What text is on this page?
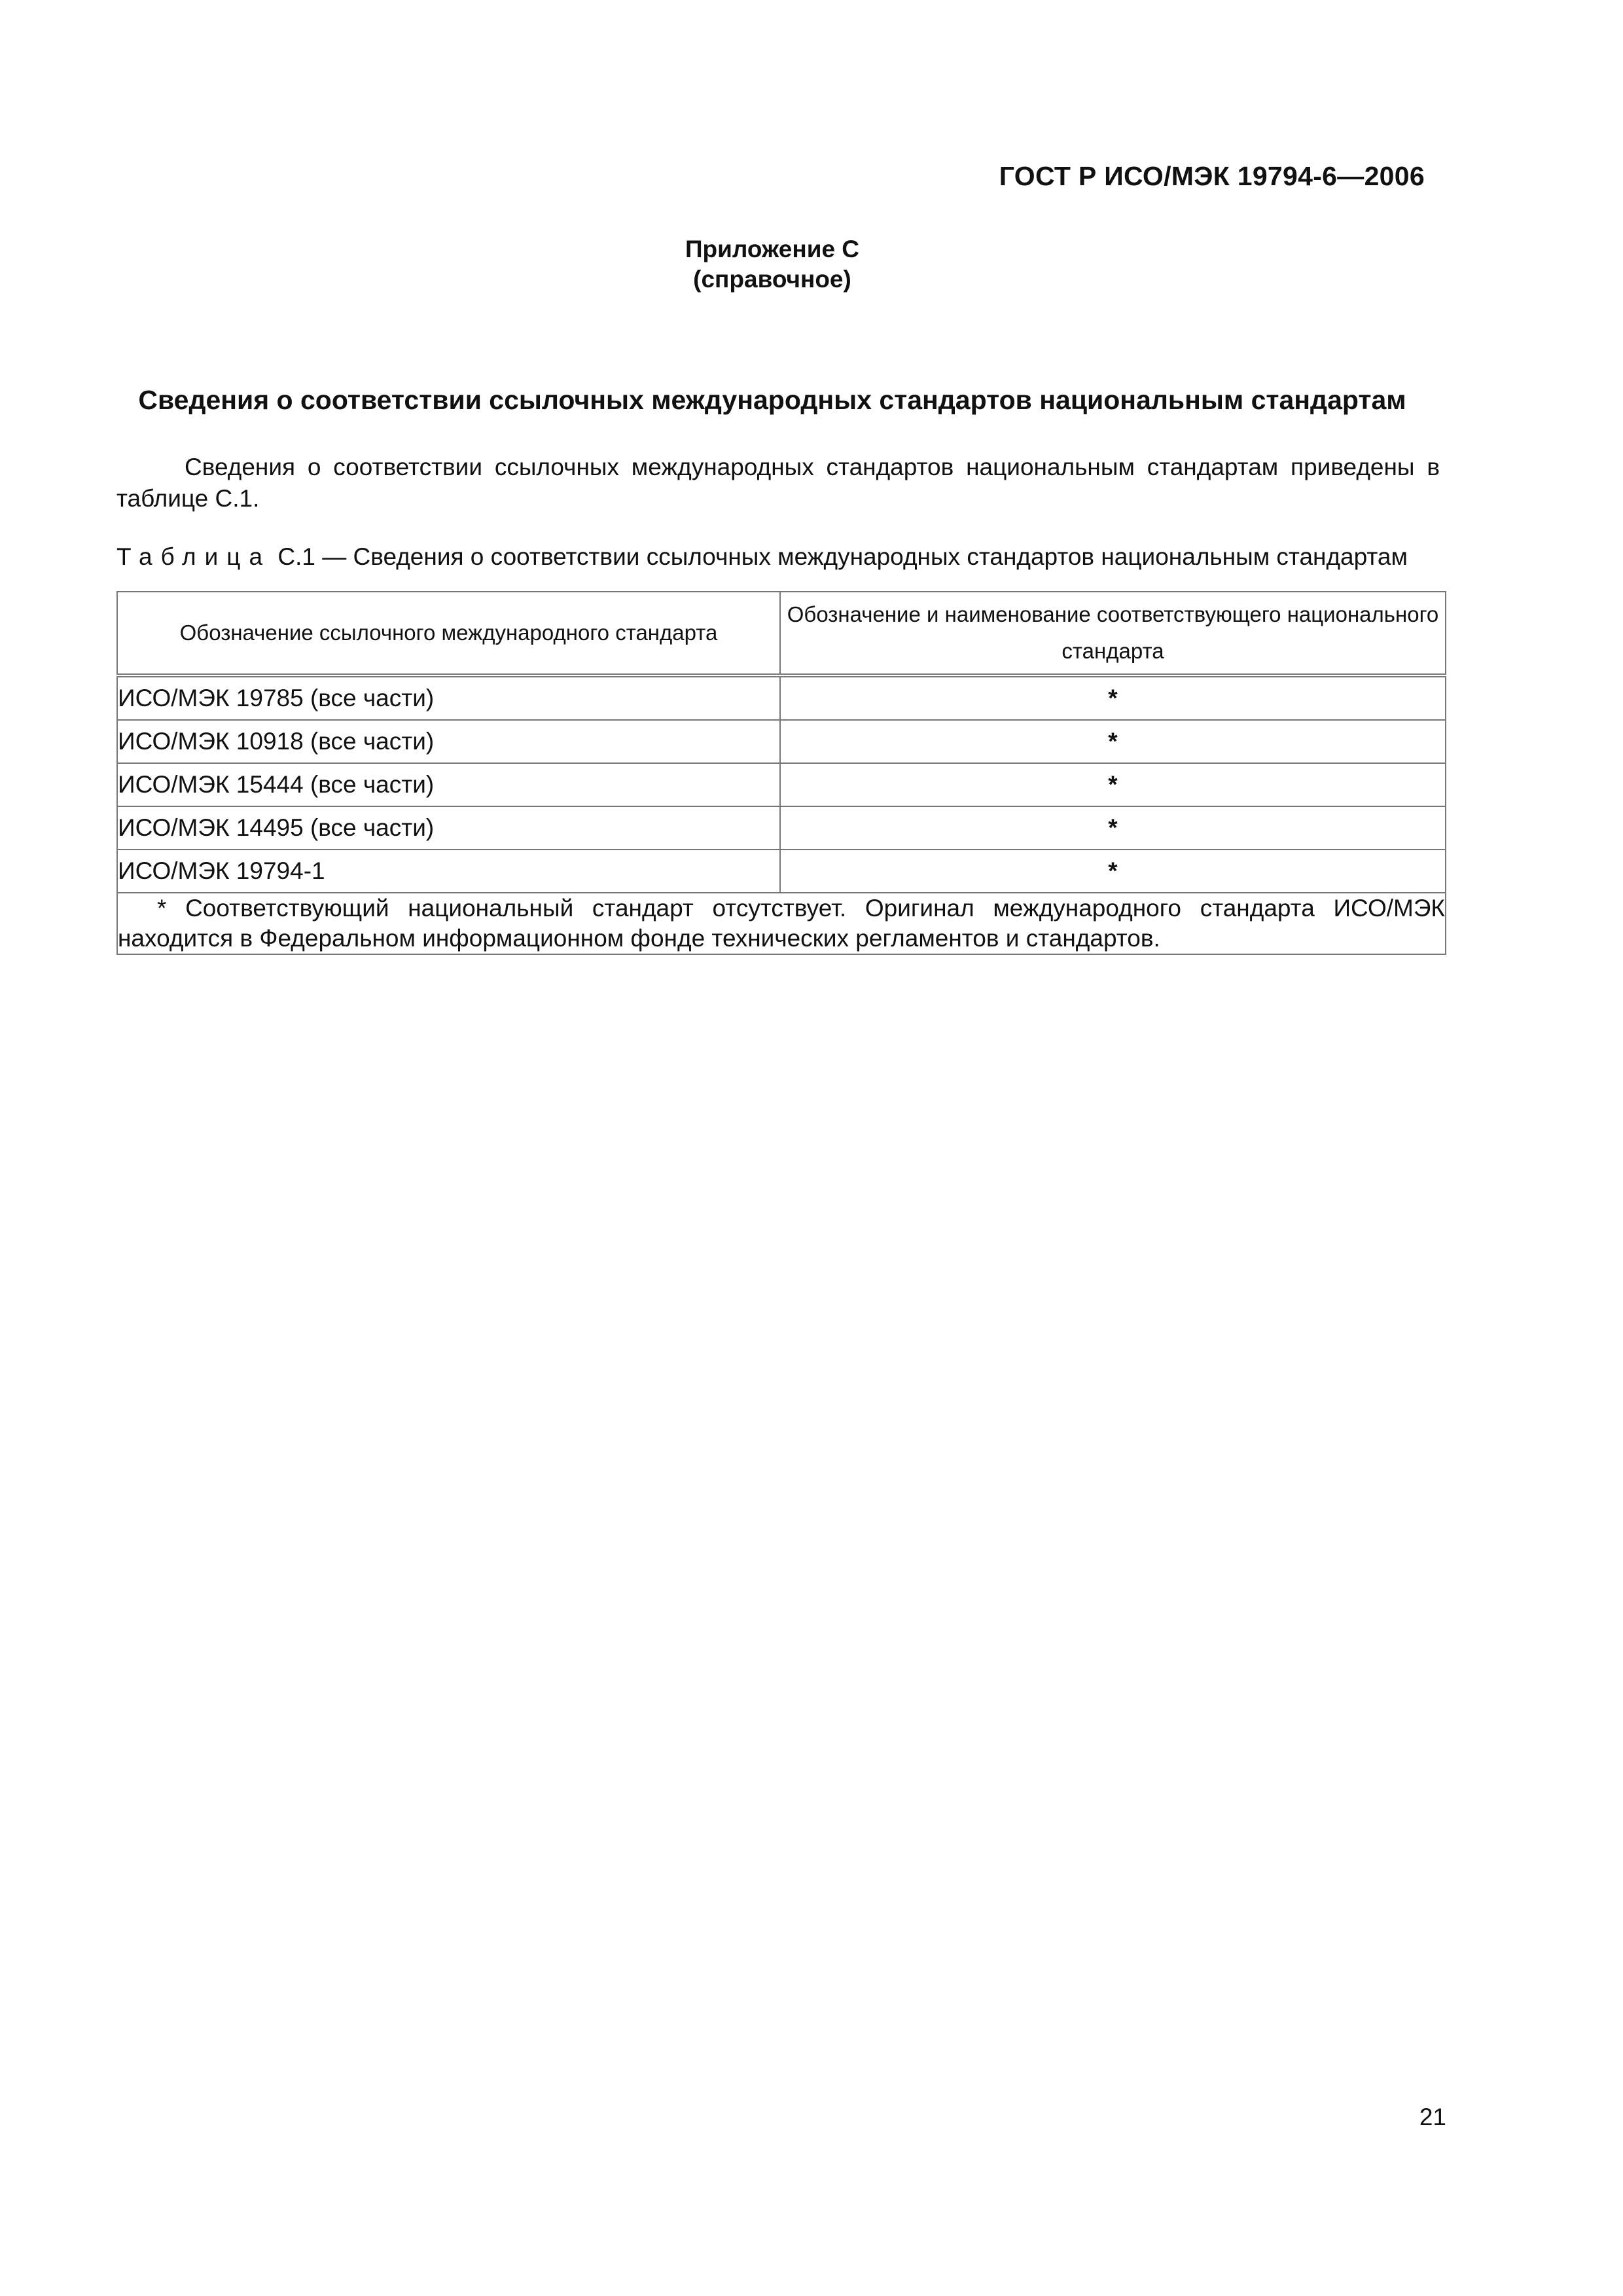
ГОСТ Р ИСО/МЭК 19794-6—2006
Приложение С
(справочное)
Сведения о соответствии ссылочных международных стандартов национальным стандартам
Сведения о соответствии ссылочных международных стандартов национальным стандартам приведены в таблице С.1.
Таблица С.1 — Сведения о соответствии ссылочных международных стандартов национальным стандартам
Обозначение ссылочного международного стандарта	Обозначение и наименование соответствующего национального стандарта
ИСО/МЭК 19785 (все части)	*
ИСО/МЭК 10918 (все части)	*
ИСО/МЭК 15444 (все части)	*
ИСО/МЭК 14495 (все части)	*
ИСО/МЭК 19794-1	*
* Соответствующий национальный стандарт отсутствует. Оригинал международного стандарта ИСО/МЭК находится в Федеральном информационном фонде технических регламентов и стандартов.	
21
